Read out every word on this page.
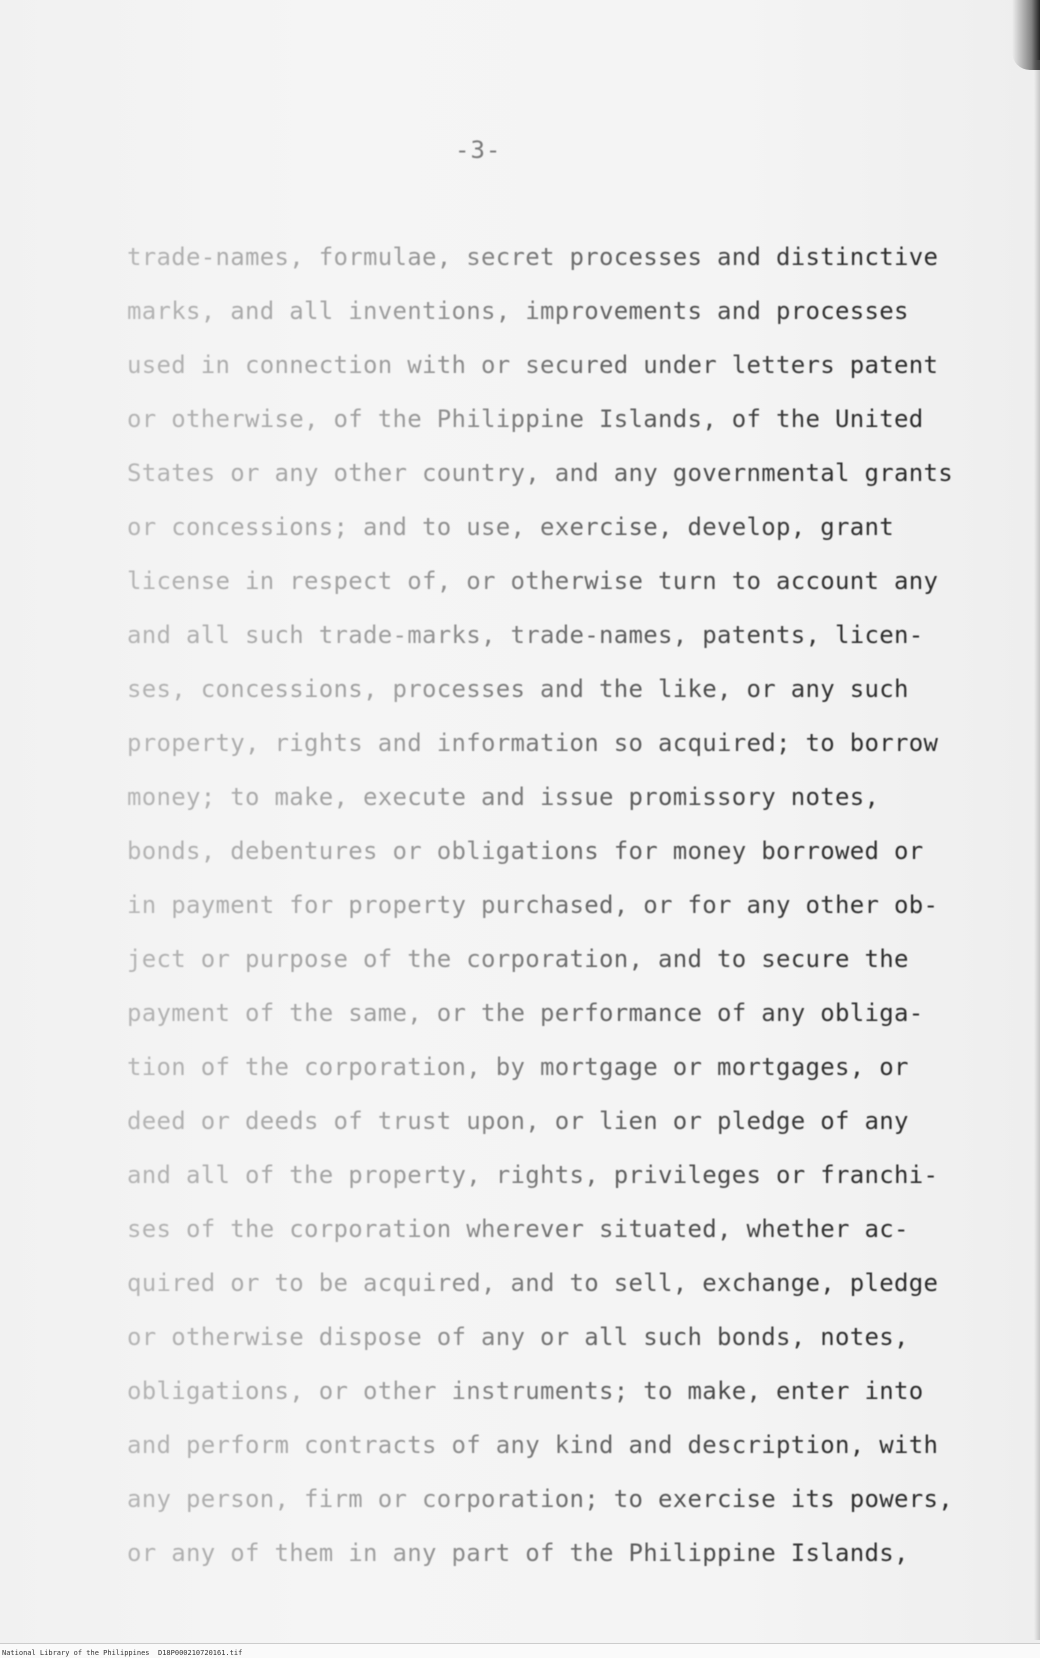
-3-
trade-names, formulae, secret processes and distinctive
marks, and all inventions, improvements and processes
used in connection with or secured under letters patent
or otherwise, of the Philippine Islands, of the United
States or any other country, and any governmental grants
or concessions; and to use, exercise, develop, grant
license in respect of, or otherwise turn to account any
and all such trade-marks, trade-names, patents, licen-
ses, concessions, processes and the like, or any such
property, rights and information so acquired; to borrow
money; to make, execute and issue promissory notes,
bonds, debentures or obligations for money borrowed or
in payment for property purchased, or for any other ob-
ject or purpose of the corporation, and to secure the
payment of the same, or the performance of any obliga-
tion of the corporation, by mortgage or mortgages, or
deed or deeds of trust upon, or lien or pledge of any
and all of the property, rights, privileges or franchi-
ses of the corporation wherever situated, whether ac-
quired or to be acquired, and to sell, exchange, pledge
or otherwise dispose of any or all such bonds, notes,
obligations, or other instruments; to make, enter into
and perform contracts of any kind and description, with
any person, firm or corporation; to exercise its powers,
or any of them in any part of the Philippine Islands,
National Library of the Philippines D18P000210720161.tif
